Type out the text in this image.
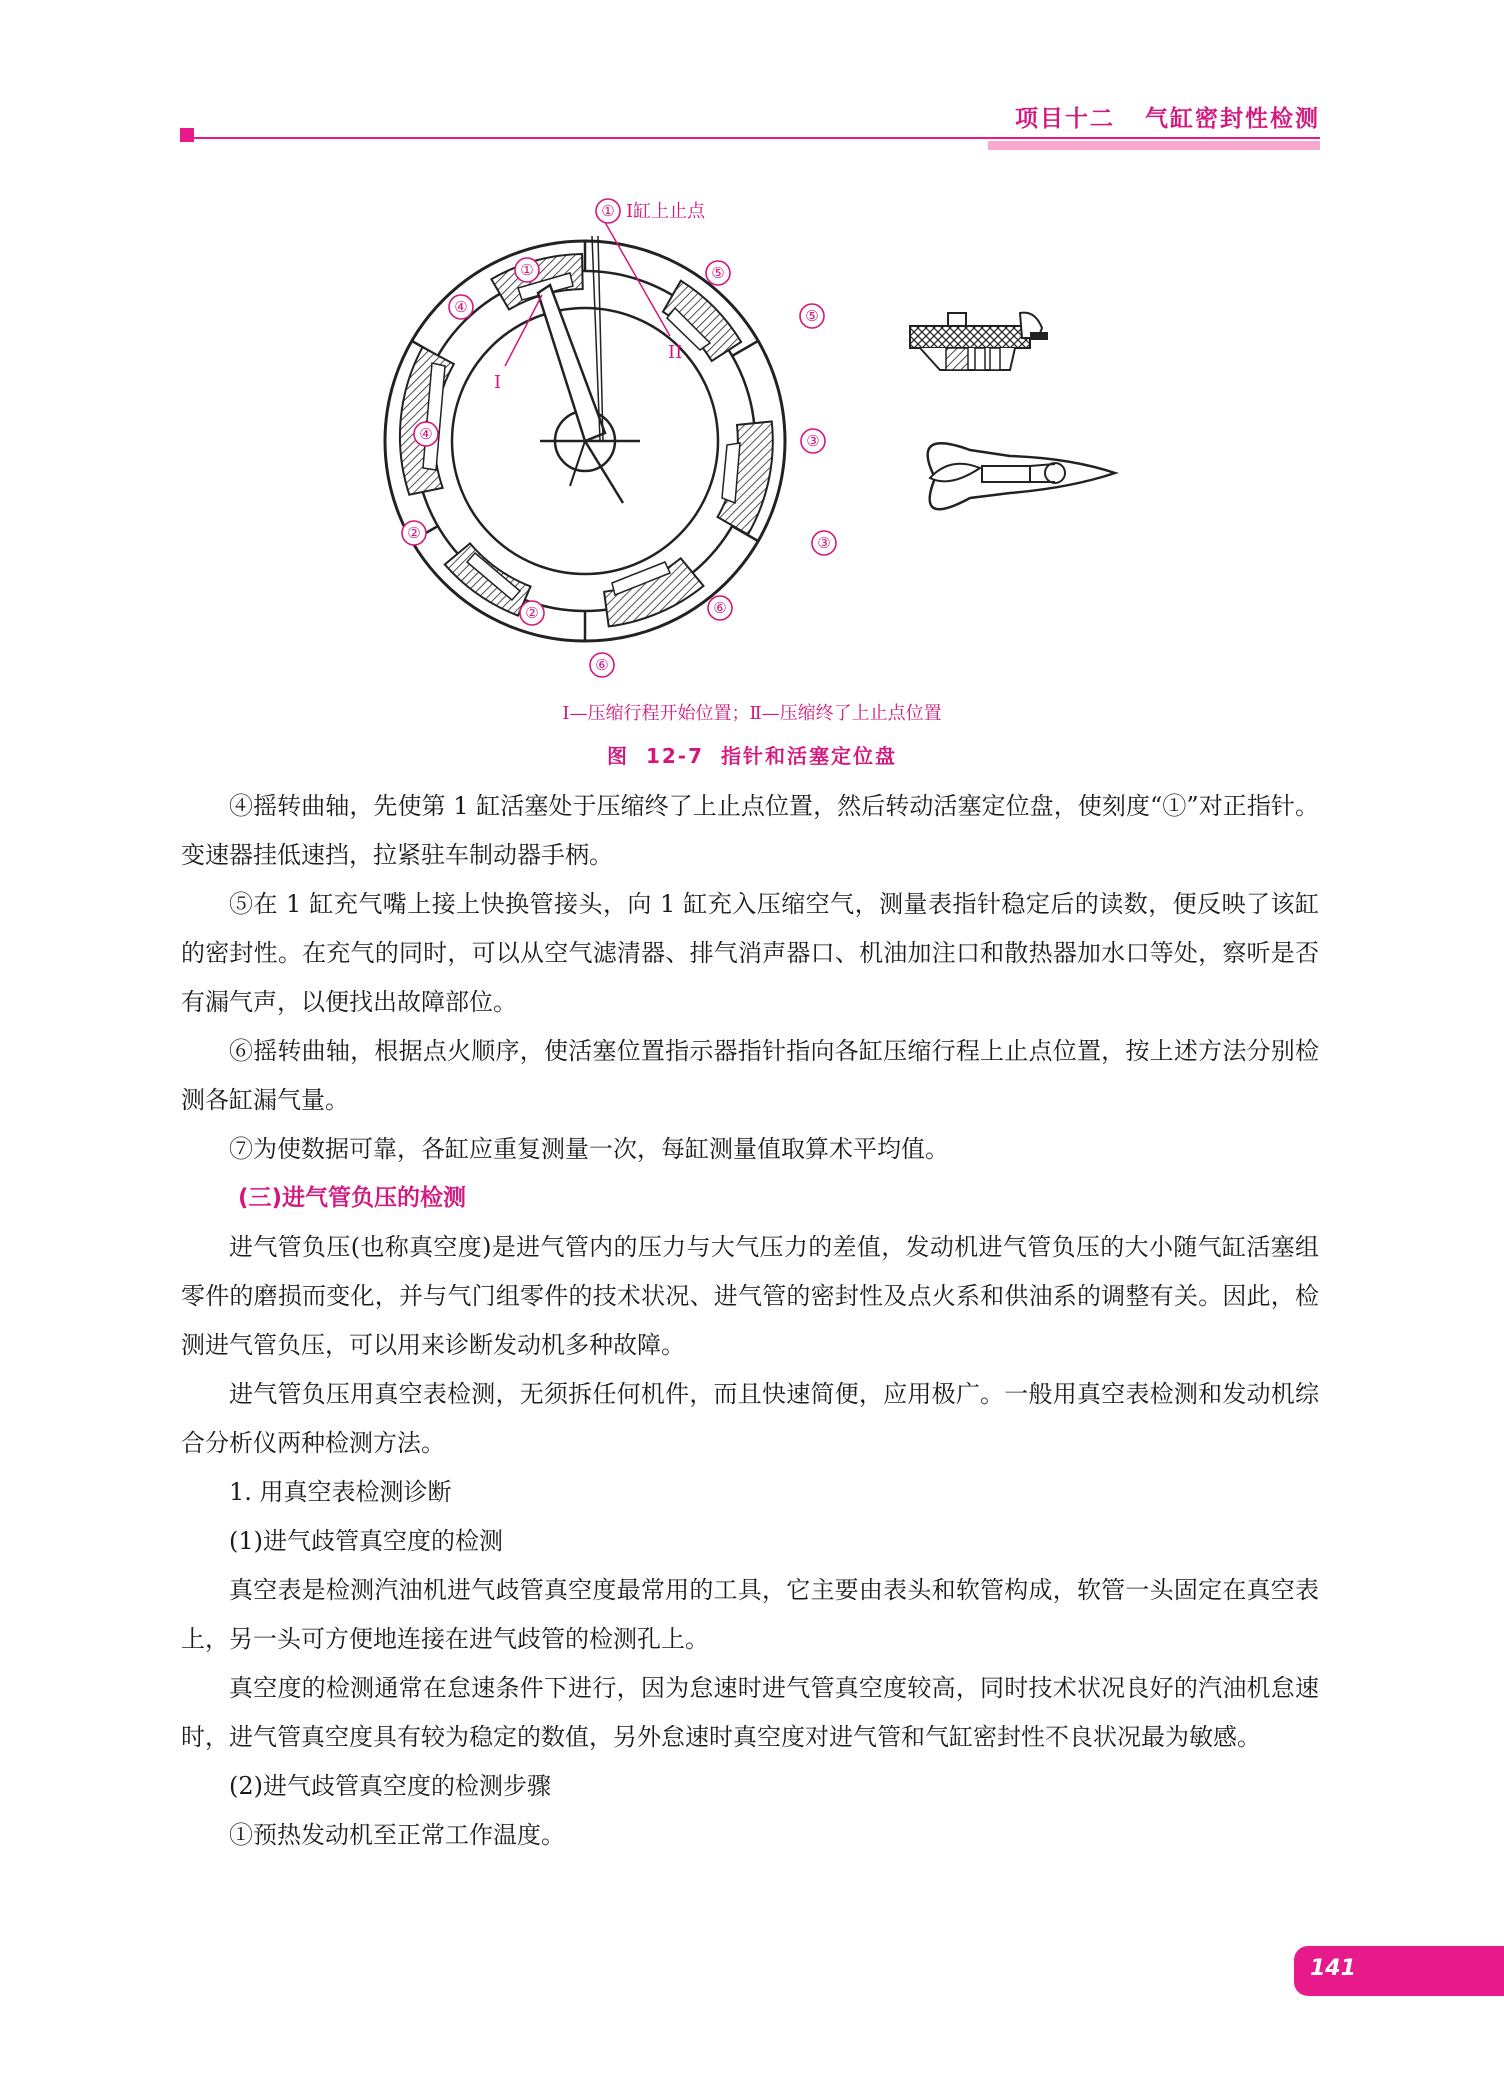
项目十二   气缸密封性检测
①
①	⑤
④	⑤
④	③
②
③
②	⑥
⑥
I缸上止点
I
II
Ⅰ—压缩行程开始位置；Ⅱ—压缩终了上止点位置
图 12-7 指针和活塞定位盘

④摇转曲轴，先使第 1 缸活塞处于压缩终了上止点位置，然后转动活塞定位盘，使刻度“①”对正指针。变速器挂低速挡，拉紧驻车制动器手柄。

⑤在 1 缸充气嘴上接上快换管接头，向 1 缸充入压缩空气，测量表指针稳定后的读数，便反映了该缸的密封性。在充气的同时，可以从空气滤清器、排气消声器口、机油加注口和散热器加水口等处，察听是否有漏气声，以便找出故障部位。

⑥摇转曲轴，根据点火顺序，使活塞位置指示器指针指向各缸压缩行程上止点位置，按上述方法分别检测各缸漏气量。

⑦为使数据可靠，各缸应重复测量一次，每缸测量值取算术平均值。

(三)进气管负压的检测

进气管负压(也称真空度)是进气管内的压力与大气压力的差值，发动机进气管负压的大小随气缸活塞组零件的磨损而变化，并与气门组零件的技术状况、进气管的密封性及点火系和供油系的调整有关。因此，检测进气管负压，可以用来诊断发动机多种故障。

进气管负压用真空表检测，无须拆任何机件，而且快速简便，应用极广。一般用真空表检测和发动机综合分析仪两种检测方法。

1. 用真空表检测诊断

(1)进气歧管真空度的检测

真空表是检测汽油机进气歧管真空度最常用的工具，它主要由表头和软管构成，软管一头固定在真空表上，另一头可方便地连接在进气歧管的检测孔上。

真空度的检测通常在怠速条件下进行，因为怠速时进气管真空度较高，同时技术状况良好的汽油机怠速时，进气管真空度具有较为稳定的数值，另外怠速时真空度对进气管和气缸密封性不良状况最为敏感。

(2)进气歧管真空度的检测步骤

①预热发动机至正常工作温度。

141
